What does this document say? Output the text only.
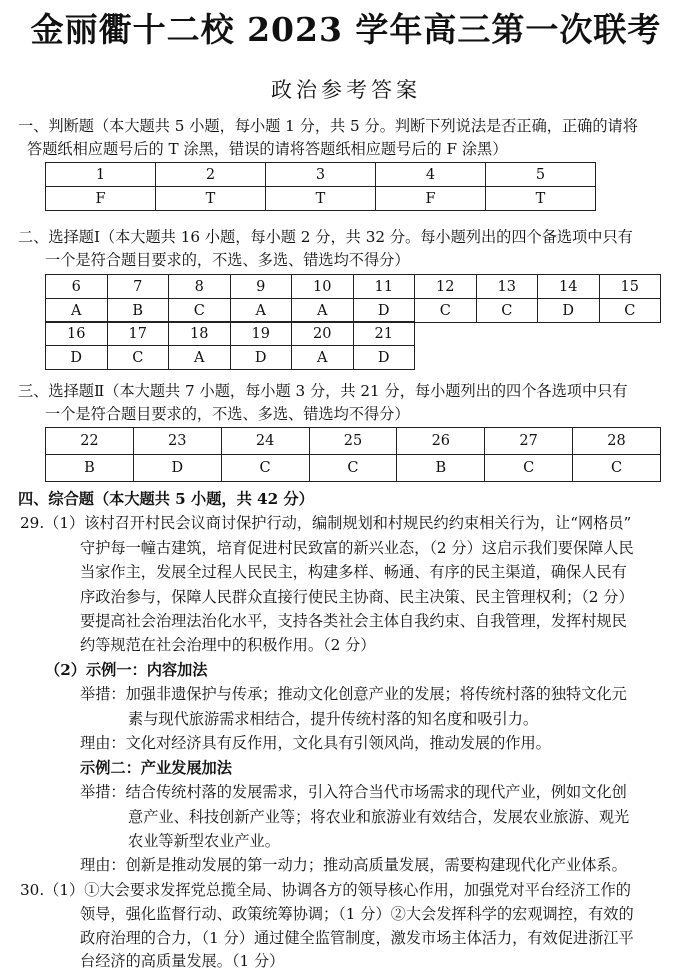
金丽衢十二校 2023 学年高三第一次联考
政治参考答案
一、判断题（本大题共 5 小题，每小题 1 分，共 5 分。判断下列说法是否正确，正确的请将
答题纸相应题号后的 T 涂黑，错误的请将答题纸相应题号后的 F 涂黑）
1	2	3	4	5
F	T	T	F	T
二、选择题Ⅰ（本大题共 16 小题，每小题 2 分，共 32 分。每小题列出的四个备选项中只有
一个是符合题目要求的，不选、多选、错选均不得分）
6	7	8	9	10	11	12	13	14	15
A	B	C	A	A	D	C	C	D	C
16	17	18	19	20	21
D	C	A	D	A	D
三、选择题Ⅱ（本大题共 7 小题，每小题 3 分，共 21 分，每小题列出的四个各选项中只有
一个是符合题目要求的，不选、多选、错选均不得分）
22	23	24	25	26	27	28
B	D	C	C	B	C	C
四、综合题（本大题共 5 小题，共 42 分）
29.（1）该村召开村民会议商讨保护行动，编制规划和村规民约约束相关行为，让“网格员”
守护每一幢古建筑，培育促进村民致富的新兴业态，（2 分）这启示我们要保障人民
当家作主，发展全过程人民民主，构建多样、畅通、有序的民主渠道，确保人民有
序政治参与，保障人民群众直接行使民主协商、民主决策、民主管理权利；（2 分）
要提高社会治理法治化水平，支持各类社会主体自我约束、自我管理，发挥村规民
约等规范在社会治理中的积极作用。（2 分）
（2）示例一：内容加法
举措：加强非遗保护与传承；推动文化创意产业的发展；将传统村落的独特文化元
素与现代旅游需求相结合，提升传统村落的知名度和吸引力。
理由：文化对经济具有反作用，文化具有引领风尚，推动发展的作用。
示例二：产业发展加法
举措：结合传统村落的发展需求，引入符合当代市场需求的现代产业，例如文化创
意产业、科技创新产业等；将农业和旅游业有效结合，发展农业旅游、观光
农业等新型农业产业。
理由：创新是推动发展的第一动力；推动高质量发展，需要构建现代化产业体系。
30.（1）①大会要求发挥党总揽全局、协调各方的领导核心作用，加强党对平台经济工作的
领导，强化监督行动、政策统筹协调；（1 分）②大会发挥科学的宏观调控，有效的
政府治理的合力，（1 分）通过健全监管制度，激发市场主体活力，有效促进浙江平
台经济的高质量发展。（1 分）
